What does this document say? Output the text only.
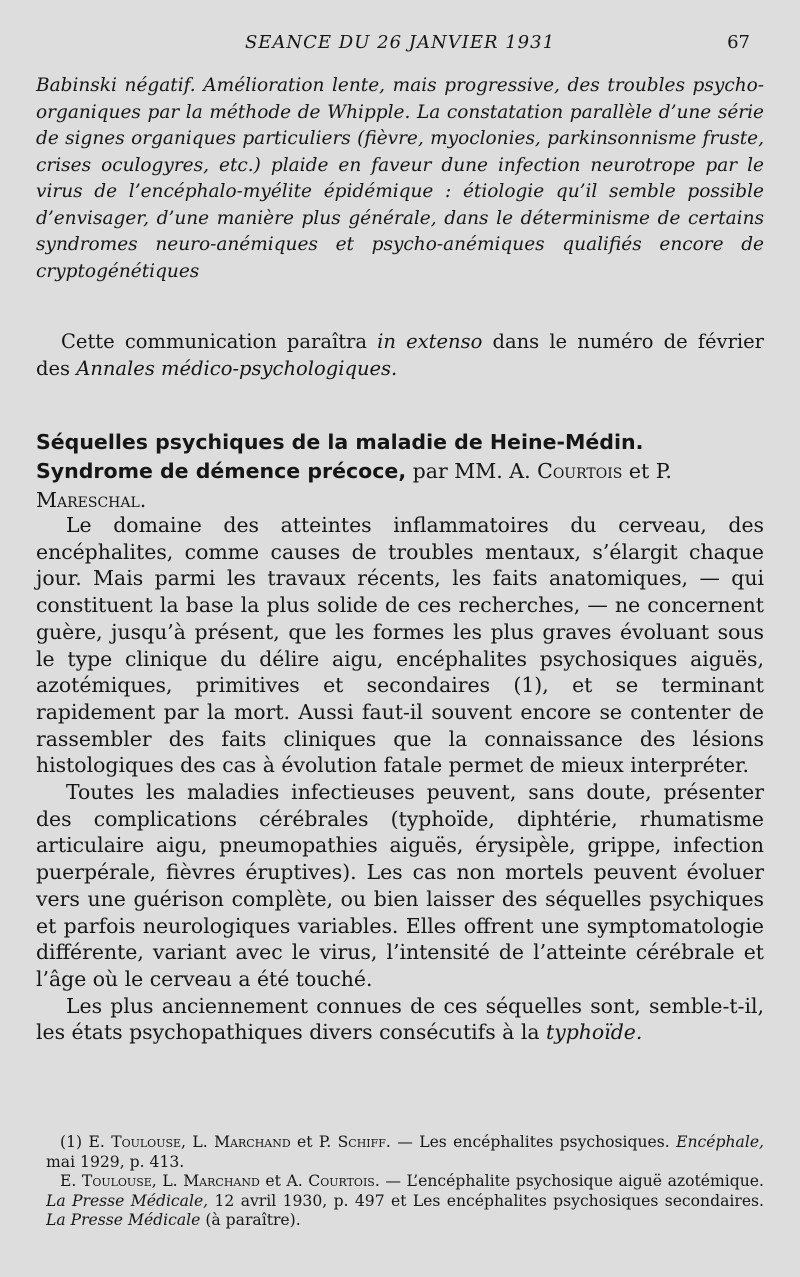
SEANCE DU 26 JANVIER 1931	67

Babinski négatif. Amélioration lente, mais progressive, des troubles psycho-organiques par la méthode de Whipple. La constatation parallèle d’une série de signes organiques particuliers (fièvre, myoclonies, parkinsonnisme fruste, crises oculogyres, etc.) plaide en faveur dune infection neurotrope par le virus de l’encéphalo-myélite épidémique : étiologie qu’il semble possible d’envisager, d’une manière plus générale, dans le déterminisme de certains syndromes neuro-anémiques et psycho-anémiques qualifiés encore de cryptogénétiques

Cette communication paraîtra in extenso dans le numéro de février des Annales médico-psychologiques.

Séquelles psychiques de la maladie de Heine-Médin. Syndrome de démence précoce, par MM. A. Courtois et P. Mareschal.

Le domaine des atteintes inflammatoires du cerveau, des encéphalites, comme causes de troubles mentaux, s’élargit chaque jour. Mais parmi les travaux récents, les faits anatomiques, — qui constituent la base la plus solide de ces recherches, — ne concernent guère, jusqu’à présent, que les formes les plus graves évoluant sous le type clinique du délire aigu, encéphalites psychosiques aiguës, azotémiques, primitives et secondaires (1), et se terminant rapidement par la mort. Aussi faut-il souvent encore se contenter de rassembler des faits cliniques que la connaissance des lésions histologiques des cas à évolution fatale permet de mieux interpréter.

Toutes les maladies infectieuses peuvent, sans doute, présenter des complications cérébrales (typhoïde, diphtérie, rhumatisme articulaire aigu, pneumopathies aiguës, érysipèle, grippe, infection puerpérale, fièvres éruptives). Les cas non mortels peuvent évoluer vers une guérison complète, ou bien laisser des séquelles psychiques et parfois neurologiques variables. Elles offrent une symptomatologie différente, variant avec le virus, l’intensité de l’atteinte cérébrale et l’âge où le cerveau a été touché.

Les plus anciennement connues de ces séquelles sont, semble-t-il, les états psychopathiques divers consécutifs à la typhoïde.

(1) E. Toulouse, L. Marchand et P. Schiff. — Les encéphalites psychosiques. Encéphale, mai 1929, p. 413.

E. Toulouse, L. Marchand et A. Courtois. — L’encéphalite psychosique aiguë azotémique. La Presse Médicale, 12 avril 1930, p. 497 et Les encéphalites psychosiques secondaires. La Presse Médicale (à paraître).
